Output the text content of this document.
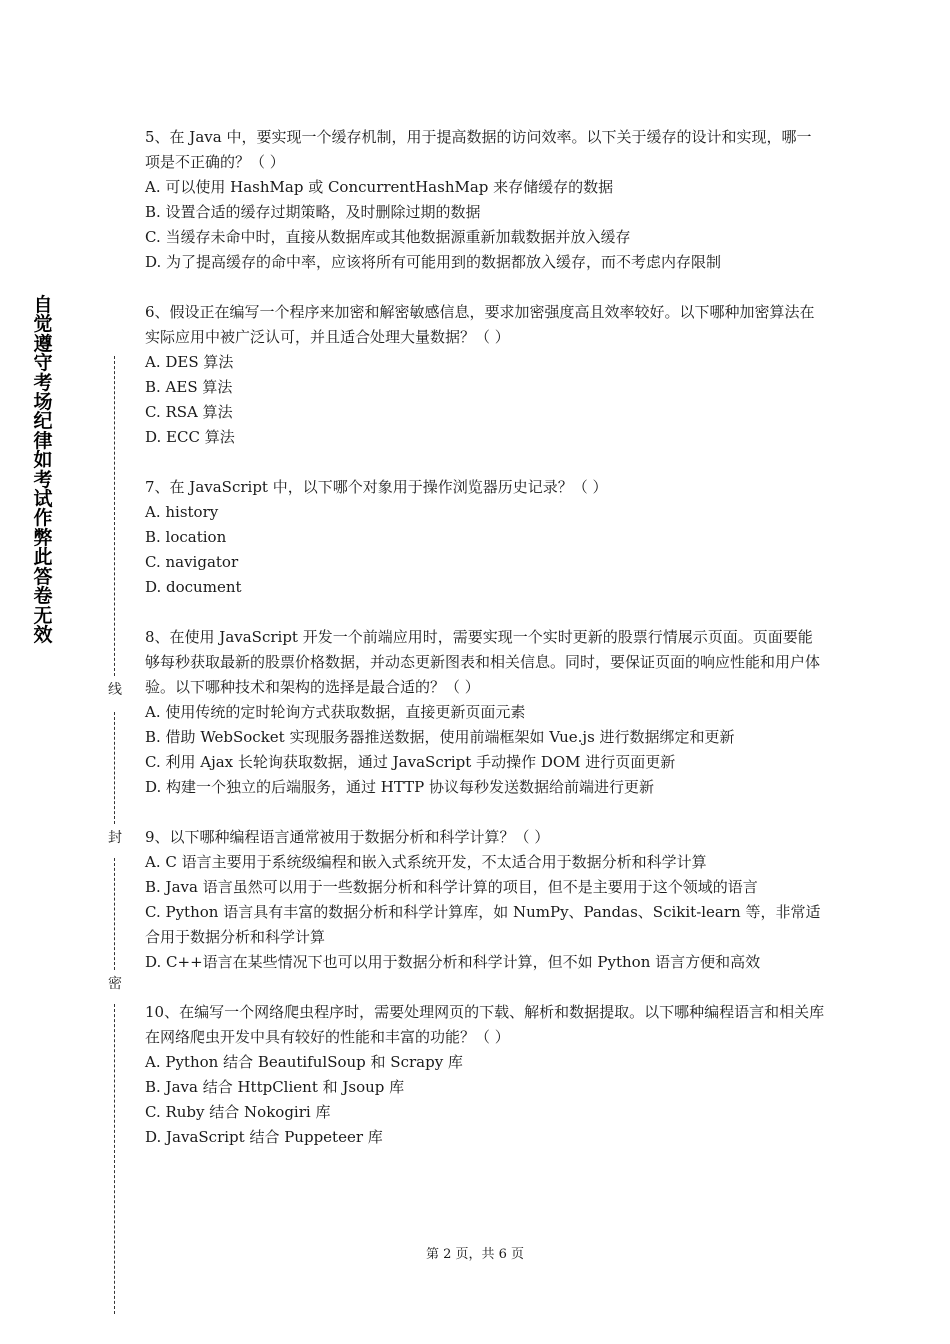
自
觉
遵
守
考
场
纪
律
如
考
试
作
弊
此
答
卷
无
效
线
封
密

5、在 Java 中，要实现一个缓存机制，用于提高数据的访问效率。以下关于缓存的设计和实现，哪一项是不正确的？（ ）

A. 可以使用 HashMap 或 ConcurrentHashMap 来存储缓存的数据

B. 设置合适的缓存过期策略，及时删除过期的数据

C. 当缓存未命中时，直接从数据库或其他数据源重新加载数据并放入缓存

D. 为了提高缓存的命中率，应该将所有可能用到的数据都放入缓存，而不考虑内存限制

6、假设正在编写一个程序来加密和解密敏感信息，要求加密强度高且效率较好。以下哪种加密算法在实际应用中被广泛认可，并且适合处理大量数据？（ ）

A. DES 算法

B. AES 算法

C. RSA 算法

D. ECC 算法

7、在 JavaScript 中，以下哪个对象用于操作浏览器历史记录？（ ）

A. history

B. location

C. navigator

D. document

8、在使用 JavaScript 开发一个前端应用时，需要实现一个实时更新的股票行情展示页面。页面要能够每秒获取最新的股票价格数据，并动态更新图表和相关信息。同时，要保证页面的响应性能和用户体验。以下哪种技术和架构的选择是最合适的？（ ）

A. 使用传统的定时轮询方式获取数据，直接更新页面元素

B. 借助 WebSocket 实现服务器推送数据，使用前端框架如 Vue.js 进行数据绑定和更新

C. 利用 Ajax 长轮询获取数据，通过 JavaScript 手动操作 DOM 进行页面更新

D. 构建一个独立的后端服务，通过 HTTP 协议每秒发送数据给前端进行更新

9、以下哪种编程语言通常被用于数据分析和科学计算？（ ）

A. C 语言主要用于系统级编程和嵌入式系统开发，不太适合用于数据分析和科学计算

B. Java 语言虽然可以用于一些数据分析和科学计算的项目，但不是主要用于这个领域的语言

C. Python 语言具有丰富的数据分析和科学计算库，如 NumPy、Pandas、Scikit-learn 等，非常适合用于数据分析和科学计算

D. C++语言在某些情况下也可以用于数据分析和科学计算，但不如 Python 语言方便和高效

10、在编写一个网络爬虫程序时，需要处理网页的下载、解析和数据提取。以下哪种编程语言和相关库在网络爬虫开发中具有较好的性能和丰富的功能？（ ）

A. Python 结合 BeautifulSoup 和 Scrapy 库

B. Java 结合 HttpClient 和 Jsoup 库

C. Ruby 结合 Nokogiri 库

D. JavaScript 结合 Puppeteer 库

第 2 页，共 6 页
